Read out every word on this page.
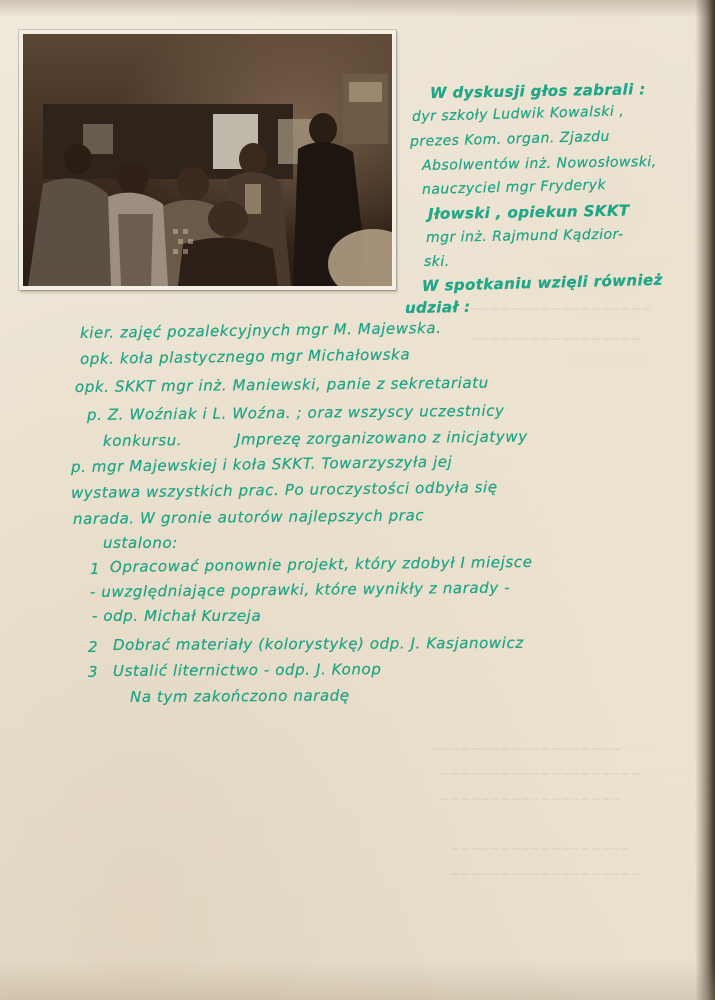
~~~~~~~~~~~~~~~~~~~~
~~~~~~~~~~~~~~~~~
~~~~~~~~~~~~~~~~~~~
~~~~~~~~~~~~~~~~~~~~
~~~~~~~~~~~~~~~~~~
~~~~~~~~~~~~~~~~~~
~~~~~~~~~~~~~~~~~~~

W dyskusji głos zabrali :

dyr szkoły Ludwik Kowalski ,

prezes Kom. organ. Zjazdu

Absolwentów inż. Nowosłowski,

nauczyciel mgr Fryderyk

Jłowski , opiekun SKKT

mgr inż. Rajmund Kądzior-

ski.

W spotkaniu wzięli również

udział :

kier. zajęć pozalekcyjnych mgr M. Majewska.

opk. koła plastycznego mgr Michałowska

opk. SKKT mgr inż. Maniewski, panie z sekretariatu

p. Z. Woźniak i L. Woźna. ; oraz wszyscy uczestnicy

konkursu.          Jmprezę zorganizowano z inicjatywy

p. mgr Majewskiej i koła SKKT. Towarzyszyła jej

wystawa wszystkich prac. Po uroczystości odbyła się

narada. W gronie autorów najlepszych prac

ustalono:

1 Opracować ponownie projekt, który zdobył I miejsce

- uwzględniające poprawki, które wynikły z narady -

- odp. Michał Kurzeja

2 Dobrać materiały (kolorystykę) odp. J. Kasjanowicz

3 Ustalić liternictwo - odp. J. Konop

Na tym zakończono naradę
